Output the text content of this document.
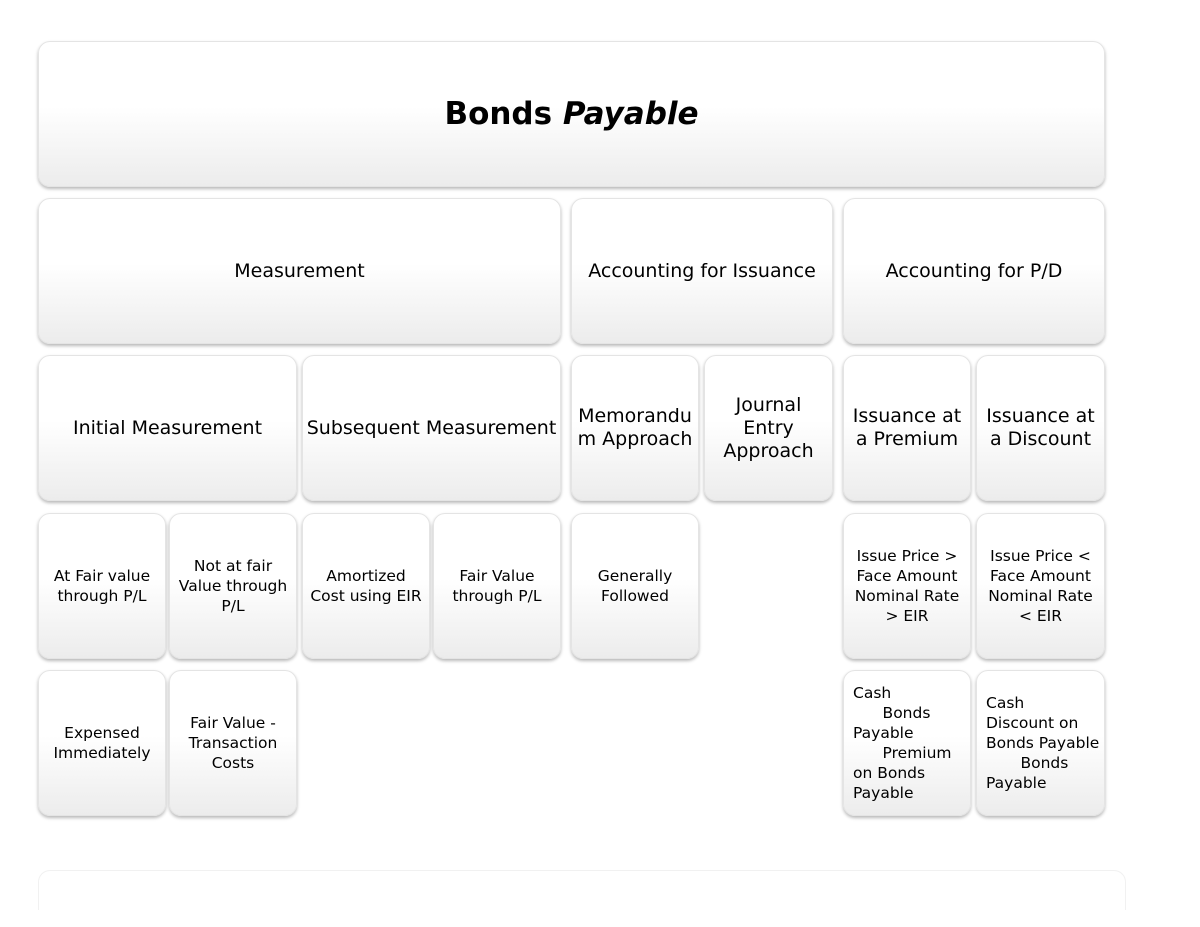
Bonds Payable
Measurement	Accounting for Issuance	Accounting for P/D
Initial Measurement Subsequent Measurement
Memorandu
m Approach
Journal
Entry
Approach
Issuance at
a Premium
Issuance at
a Discount
At Fair value
through P/L
Not at fair
Value through
P/L
Amortized
Cost using EIR
Fair Value
through P/L
Generally
Followed
Issue Price >
Face Amount
Nominal Rate
> EIR
Issue Price <
Face Amount
Nominal Rate
< EIR
Expensed
Immediately
Fair Value -
Transaction
Costs
Cash
Bonds
Payable
Premium
on Bonds
Payable
Cash
Discount on
Bonds Payable
Bonds
Payable
